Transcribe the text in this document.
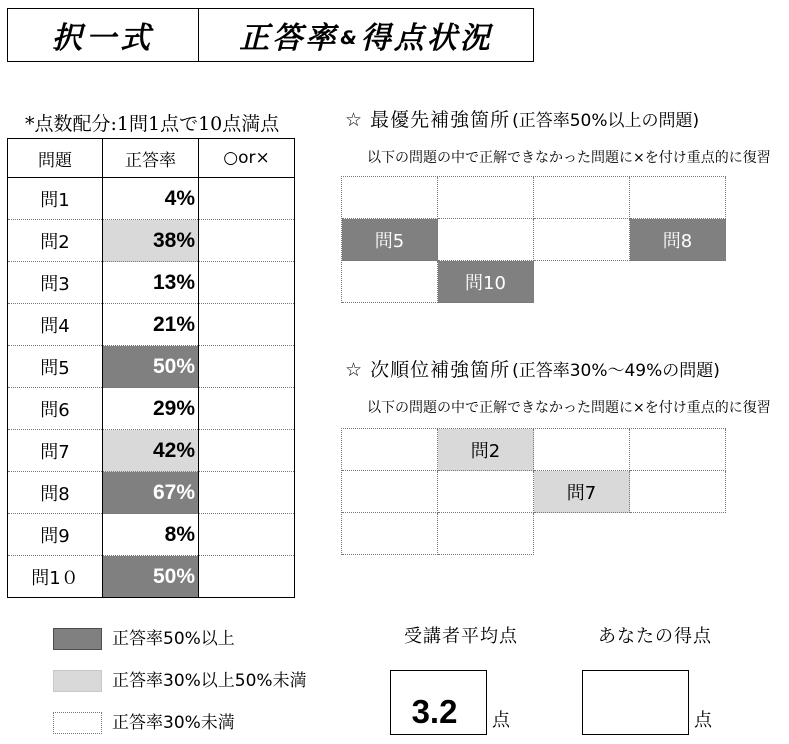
択一式	正答率 & 得点状況
*点数配分:1問1点で10点満点
問題	正答率	○or×
問1	4%	
問2	38%	
問3	13%	
問4	21%	
問5	50%	
問6	29%	
問7	42%	
問8	67%	
問9	8%	
問1０	50%	
☆ 最優先補強箇所 (正答率50%以上の問題)
以下の問題の中で正解できなかった問題に×を付け重点的に復習
問5	問8
問10
☆ 次順位補強箇所 (正答率30%～49%の問題)
以下の問題の中で正解できなかった問題に×を付け重点的に復習
問2
問7
正答率50%以上
正答率30%以上50%未満
正答率30%未満
受講者平均点
3.2 点
あなたの得点
点
